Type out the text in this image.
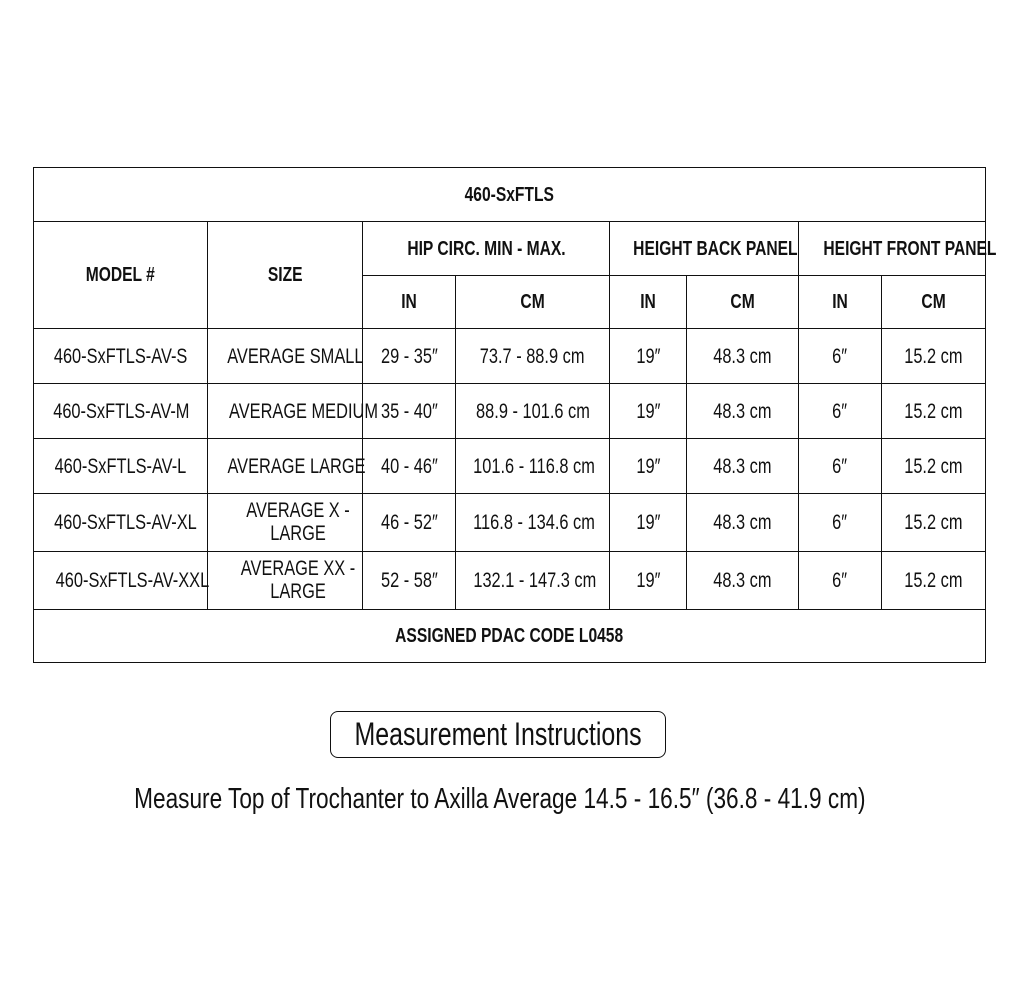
460-SxFTLS							
MODEL #	SIZE	HIP CIRC. MIN - MAX.		HEIGHT BACK PANEL		HEIGHT FRONT PANEL	
		IN	CM	IN	CM	IN	CM
460-SxFTLS-AV-S	AVERAGE SMALL	29 - 35″	73.7 - 88.9 cm	19″	48.3 cm	6″	15.2 cm
460-SxFTLS-AV-M	AVERAGE MEDIUM	35 - 40″	88.9 - 101.6 cm	19″	48.3 cm	6″	15.2 cm
460-SxFTLS-AV-L	AVERAGE LARGE	40 - 46″	101.6 - 116.8 cm	19″	48.3 cm	6″	15.2 cm
460-SxFTLS-AV-XL	AVERAGE X - LARGE	46 - 52″	116.8 - 134.6 cm	19″	48.3 cm	6″	15.2 cm
460-SxFTLS-AV-XXL	AVERAGE XX - LARGE	52 - 58″	132.1 - 147.3 cm	19″	48.3 cm	6″	15.2 cm
ASSIGNED PDAC CODE L0458							
Measurement Instructions
Measure Top of Trochanter to Axilla Average 14.5 - 16.5″ (36.8 - 41.9 cm)
